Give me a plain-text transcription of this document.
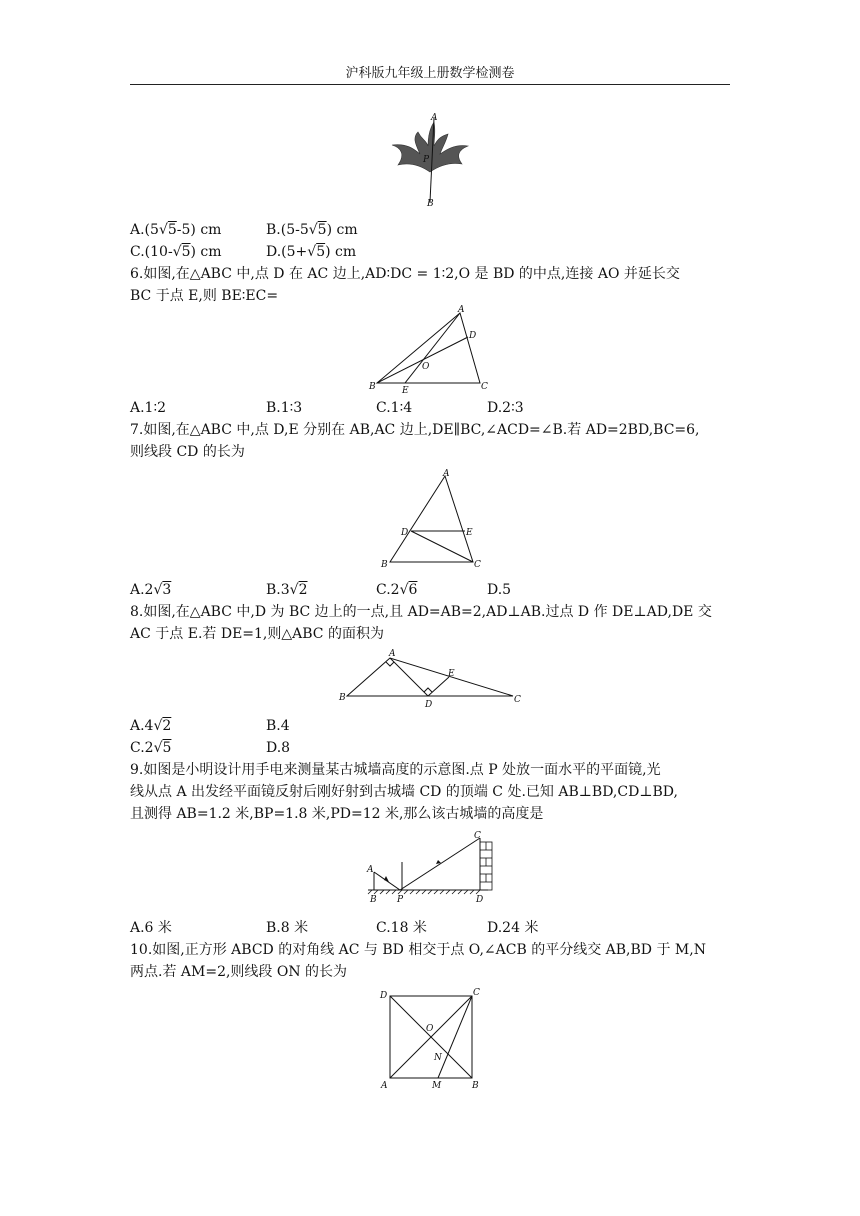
沪科版九年级上册数学检测卷
A
P
B
A.(5√5-5) cm	B.(5-5√5) cm
C.(10-√5) cm	D.(5+√5) cm
6.如图,在△ABC 中,点 D 在 AC 边上,AD∶DC = 1∶2,O 是 BD 的中点,连接 AO 并延长交
BC 于点 E,则 BE∶EC=
A
D
O
B	E	C
A.1∶2	B.1∶3	C.1∶4	D.2∶3
7.如图,在△ABC 中,点 D,E 分别在 AB,AC 边上,DE∥BC,∠ACD=∠B.若 AD=2BD,BC=6,
则线段 CD 的长为
A
D	E
B	C
A.2√3	B.3√2	C.2√6	D.5
8.如图,在△ABC 中,D 为 BC 边上的一点,且 AD=AB=2,AD⊥AB.过点 D 作 DE⊥AD,DE 交
AC 于点 E.若 DE=1,则△ABC 的面积为
A
E
B
D	C
A.4√2	B.4
C.2√5	D.8
9.如图是小明设计用手电来测量某古城墙高度的示意图.点 P 处放一面水平的平面镜,光
线从点 A 出发经平面镜反射后刚好射到古城墙 CD 的顶端 C 处.已知 AB⊥BD,CD⊥BD,
且测得 AB=1.2 米,BP=1.8 米,PD=12 米,那么该古城墙的高度是
A
C
B P	D
A.6 米	B.8 米	C.18 米	D.24 米
10.如图,正方形 ABCD 的对角线 AC 与 BD 相交于点 O,∠ACB 的平分线交 AB,BD 于 M,N
两点.若 AM=2,则线段 ON 的长为
D	C
O
N
A	M	B
